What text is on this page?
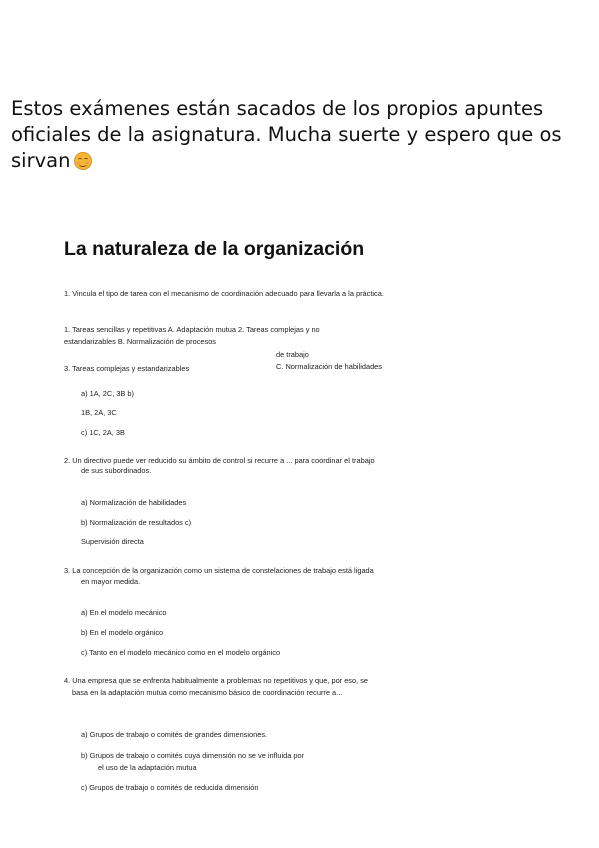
Estos exámenes están sacados de los propios apuntes
oficiales de la asignatura. Mucha suerte y espero que os
sirvan
La naturaleza de la organización
1. Vincula el tipo de tarea con el mecanismo de coordinación adecuado para llevarla a la práctica.
1. Tareas sencillas y repetitivas A. Adaptación mutua 2. Tareas complejas y no
estandarizables B. Normalización de procesos
de trabajo
3. Tareas complejas y estandarizables	C. Normalización de habilidades
a) 1A, 2C, 3B b)
1B, 2A, 3C
c) 1C, 2A, 3B
2. Un directivo puede ver reducido su ámbito de control si recurre a ... para coordinar el trabajo
de sus subordinados.
a) Normalización de habilidades
b) Normalización de resultados c)
Supervisión directa
3. La concepción de la organización como un sistema de constelaciones de trabajo está ligada
en mayor medida.
a) En el modelo mecánico
b) En el modelo orgánico
c) Tanto en el modelo mecánico como en el modelo orgánico
4. Una empresa que se enfrenta habitualmente a problemas no repetitivos y que, por eso, se
basa en la adaptación mutua como mecanismo básico de coordinación recurre a...
a) Grupos de trabajo o comités de grandes dimensiones.
b) Grupos de trabajo o comités cuya dimensión no se ve influida por
el uso de la adaptación mutua
c) Grupos de trabajo o comités de reducida dimensión
